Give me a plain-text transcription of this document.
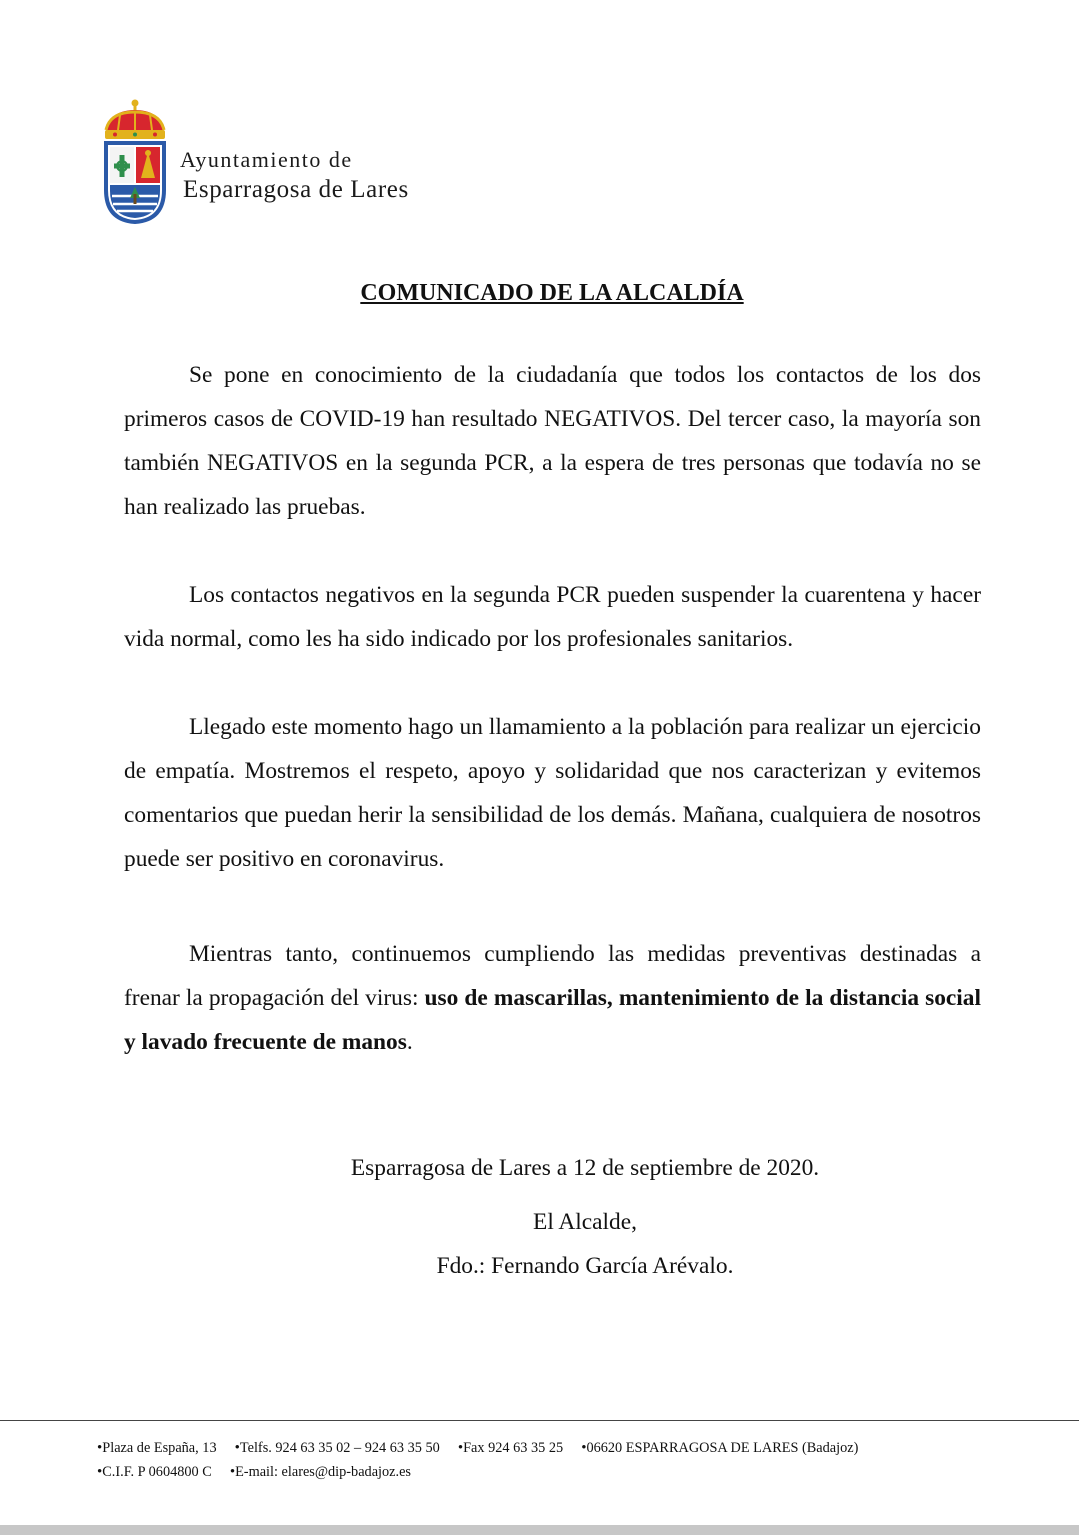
Ayuntamiento de
Esparragosa de Lares
COMUNICADO DE LA ALCALDÍA

Se pone en conocimiento de la ciudadanía que todos los contactos de los dos primeros casos de COVID-19 han resultado NEGATIVOS. Del tercer caso, la mayoría son también NEGATIVOS en la segunda PCR, a la espera de tres personas que todavía no se han realizado las pruebas.

Los contactos negativos en la segunda PCR pueden suspender la cuarentena y hacer vida normal, como les ha sido indicado por los profesionales sanitarios.

Llegado este momento hago un llamamiento a la población para realizar un ejercicio de empatía. Mostremos el respeto, apoyo y solidaridad que nos caracterizan y evitemos comentarios que puedan herir la sensibilidad de los demás. Mañana, cualquiera de nosotros puede ser positivo en coronavirus.

Mientras tanto, continuemos cumpliendo las medidas preventivas destinadas a frenar la propagación del virus: uso de mascarillas, mantenimiento de la distancia social y lavado frecuente de manos.

Esparragosa de Lares a 12 de septiembre de 2020.
El Alcalde,
Fdo.: Fernando García Arévalo.
• Plaza de España, 13 • Telfs. 924 63 35 02 – 924 63 35 50 • Fax 924 63 35 25 • 06620 ESPARRAGOSA DE LARES (Badajoz)
• C.I.F. P 0604800 C • E-mail: elares@dip-badajoz.es
